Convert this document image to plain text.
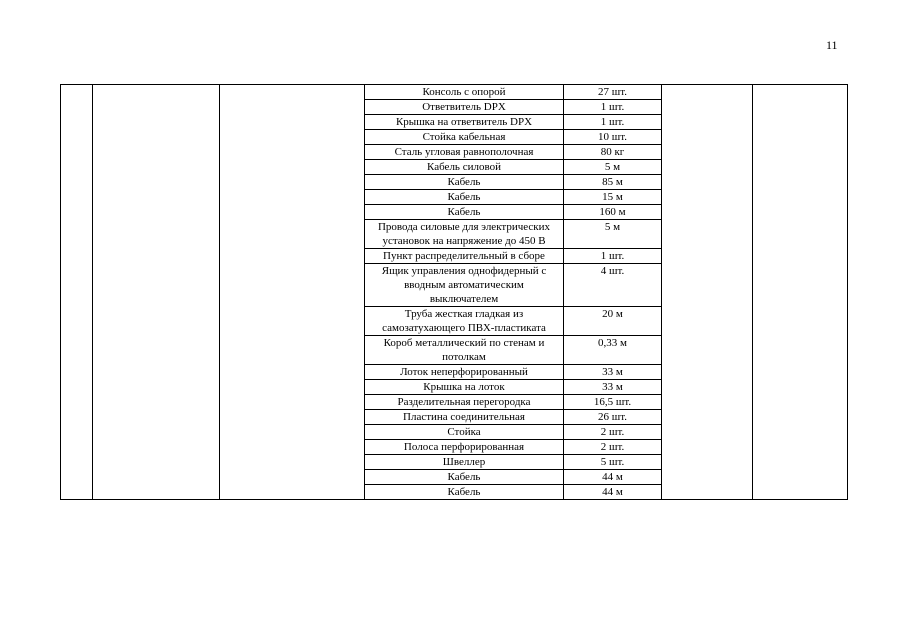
11
			Консоль с опорой	27 шт.		
			Ответвитель DPX	1 шт.		
			Крышка на ответвитель DPX	1 шт.		
			Стойка кабельная	10 шт.		
			Сталь угловая равнополочная	80 кг		
			Кабель силовой	5 м		
			Кабель	85 м		
			Кабель	15 м		
			Кабель	160 м		
			Провода силовые для электрических установок на напряжение до 450 В	5 м		
			Пункт распределительный в сборе	1 шт.		
			Ящик управления однофидерный с вводным автоматическим выключателем	4 шт.		
			Труба жесткая гладкая из самозатухающего ПВХ-пластиката	20 м		
			Короб металлический по стенам и потолкам	0,33 м		
			Лоток неперфорированный	33 м		
			Крышка на лоток	33 м		
			Разделительная перегородка	16,5 шт.		
			Пластина соединительная	26 шт.		
			Стойка	2 шт.		
			Полоса перфорированная	2 шт.		
			Швеллер	5 шт.		
			Кабель	44 м		
			Кабель	44 м		
